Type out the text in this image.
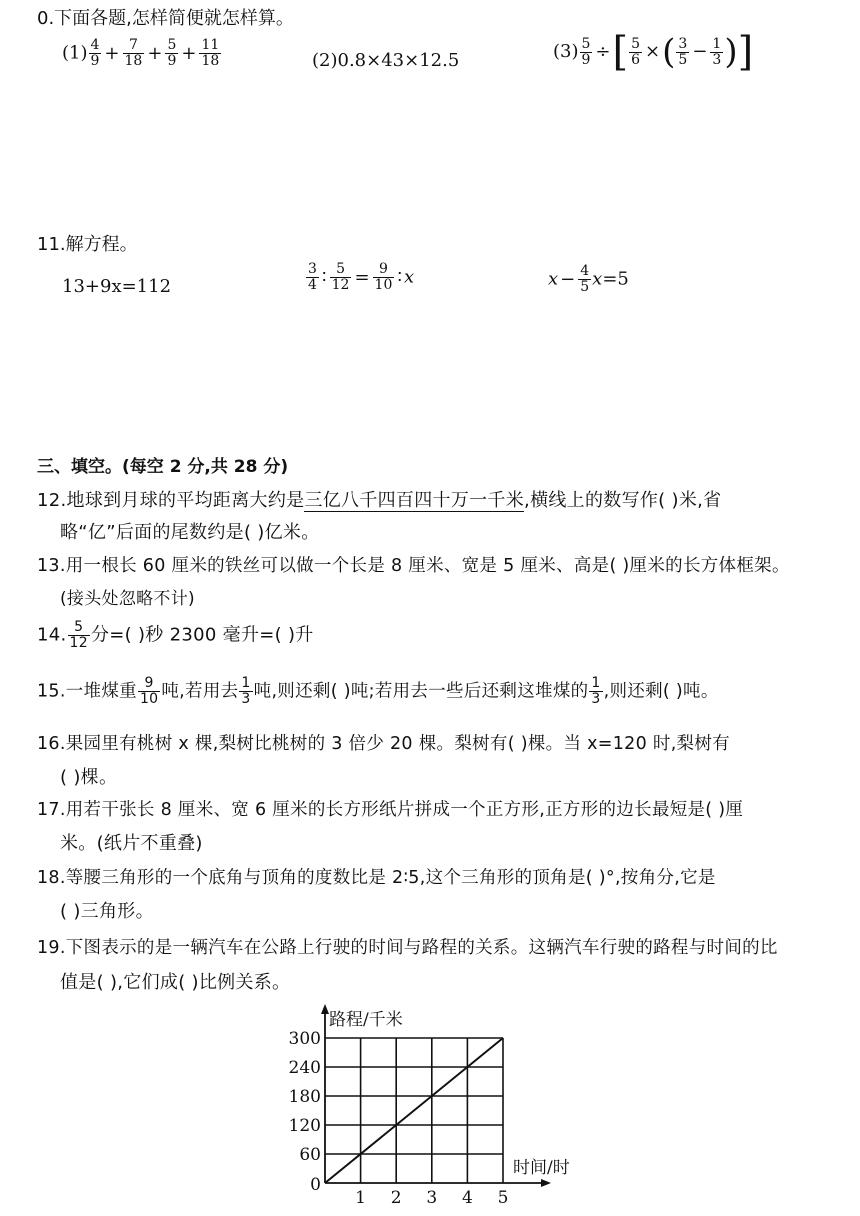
0.下面各题,怎样简便就怎样算。
$(1) \frac{4}{9} + \frac{7}{18} + \frac{5}{9} + \frac{11}{18}$	(2)0.8×43×12.5	$(3) \frac{5}{9}$ ÷[ $\frac{5}{6}$ ×( $\frac{3}{5} - \frac{1}{3}$ )]
11.解方程。
13+9x=112	$\frac{3}{4}$ ∶ $\frac{5}{12} = \frac{9}{10}$ ∶ x	$x - \frac{4}{5} x=5$
三、填空。(每空 2 分,共 28 分)
12.地球到月球的平均距离大约是三亿八千四百四十万一千米,横线上的数写作( )米,省
略“亿”后面的尾数约是( )亿米。
13.用一根长 60 厘米的铁丝可以做一个长是 8 厘米、宽是 5 厘米、高是( )厘米的长方体框架。
(接头处忽略不计)
14. $\frac{5}{12}$ 分=( )秒 2300 毫升=( )升
15.一堆煤重 $\frac{9}{10}$ 吨,若用去 $\frac{1}{3}$ 吨,则还剩( )吨;若用去一些后还剩这堆煤的 $\frac{1}{3}$ ,则还剩( )吨。
16.果园里有桃树 x 棵,梨树比桃树的 3 倍少 20 棵。梨树有( )棵。当 x=120 时,梨树有
( )棵。
17.用若干张长 8 厘米、宽 6 厘米的长方形纸片拼成一个正方形,正方形的边长最短是( )厘
米。(纸片不重叠)
18.等腰三角形的一个底角与顶角的度数比是 2∶5,这个三角形的顶角是( )°,按角分,它是
( )三角形。
19.下图表示的是一辆汽车在公路上行驶的时间与路程的关系。这辆汽车行驶的路程与时间的比
值是( ),它们成( )比例关系。
1 2 3 4 5
60
120
180
240
300
0
路程/千米
时间/时
